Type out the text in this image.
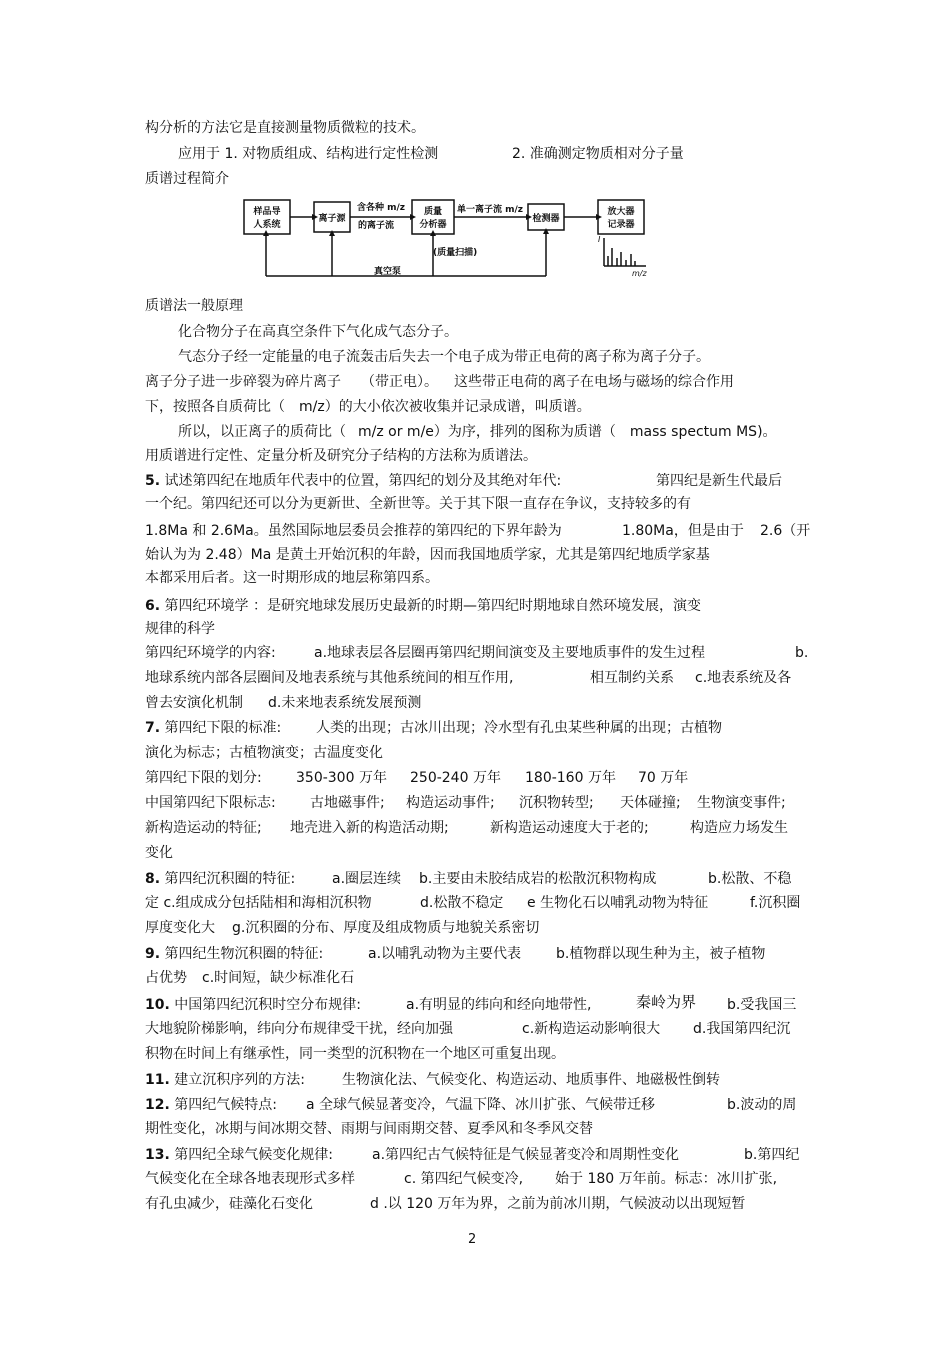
构分析的方法它是直接测量物质微粒的技术。
应用于 1. 对物质组成、结构进行定性检测	2. 准确测定物质相对分子量
质谱过程简介
样品导
人系统
离子源
含各种 m/z
的离子流
质量
分析器
单一离子流 m/z
检测器
放大器
记录器
(质量扫描)
真空泵
I
m/z
质谱法一般原理
化合物分子在高真空条件下气化成气态分子。
气态分子经一定能量的电子流轰击后失去一个电子成为带正电荷的离子称为离子分子。
离子分子进一步碎裂为碎片离子 （带正电）。 这些带正电荷的离子在电场与磁场的综合作用
下，按照各自质荷比（ m/z）的大小依次被收集并记录成谱，叫质谱。
所以，以正离子的质荷比（ m/z or m/e）为序，排列的图称为质谱（ mass spectum MS)。
用质谱进行定性、定量分析及研究分子结构的方法称为质谱法。
5. 试述第四纪在地质年代表中的位置，第四纪的划分及其绝对年代:	第四纪是新生代最后
一个纪。第四纪还可以分为更新世、全新世等。关于其下限一直存在争议，支持较多的有
1.8Ma 和 2.6Ma。虽然国际地层委员会推荐的第四纪的下界年龄为	1.80Ma，但是由于 2.6（开
始认为为 2.48）Ma 是黄土开始沉积的年龄，因而我国地质学家，尤其是第四纪地质学家基
本都采用后者。这一时期形成的地层称第四系。
6. 第四纪环境学 ：是研究地球发展历史最新的时期—第四纪时期地球自然环境发展，演变
规律的科学
第四纪环境学的内容:	a.地球表层各层圈再第四纪期间演变及主要地质事件的发生过程	b.
地球系统内部各层圈间及地表系统与其他系统间的相互作用,	相互制约关系 c.地表系统及各
曾去安演化机制 d.未来地表系统发展预测
7. 第四纪下限的标准: 人类的出现；古冰川出现；冷水型有孔虫某些种属的出现；古植物
演化为标志；古植物演变；古温度变化
第四纪下限的划分: 350-300 万年 250-240 万年 180-160 万年 70 万年
中国第四纪下限标志: 古地磁事件; 构造运动事件; 沉积物转型; 天体碰撞; 生物演变事件;
新构造运动的特征; 地壳进入新的构造活动期;	新构造运动速度大于老的;	构造应力场发生
变化
8. 第四纪沉积圈的特征:	a.圈层连续 b.主要由未胶结成岩的松散沉积物构成	b.松散、不稳
定 c.组成成分包括陆相和海相沉积物	d.松散不稳定 e 生物化石以哺乳动物为特征	f.沉积圈
厚度变化大 g.沉积圈的分布、厚度及组成物质与地貌关系密切
9. 第四纪生物沉积圈的特征:	a.以哺乳动物为主要代表 b.植物群以现生种为主，被子植物
占优势 c.时间短，缺少标准化石
10. 中国第四纪沉积时空分布规律:	a.有明显的纬向和经向地带性,	秦岭为界 b.受我国三
大地貌阶梯影响，纬向分布规律受干扰，经向加强	c.新构造运动影响很大 d.我国第四纪沉
积物在时间上有继承性，同一类型的沉积物在一个地区可重复出现。
11. 建立沉积序列的方法:	生物演化法、气候变化、构造运动、地质事件、地磁极性倒转
12. 第四纪气候特点: a 全球气候显著变冷，气温下降、冰川扩张、气候带迁移	b.波动的周
期性变化，冰期与间冰期交替、雨期与间雨期交替、夏季风和冬季风交替
13. 第四纪全球气候变化规律:	a.第四纪古气候特征是气候显著变冷和周期性变化	b.第四纪
气候变化在全球各地表现形式多样	c. 第四纪气候变冷, 始于 180 万年前。标志：冰川扩张,
有孔虫减少，硅藻化石变化	d .以 120 万年为界，之前为前冰川期，气候波动以出现短暂
2
